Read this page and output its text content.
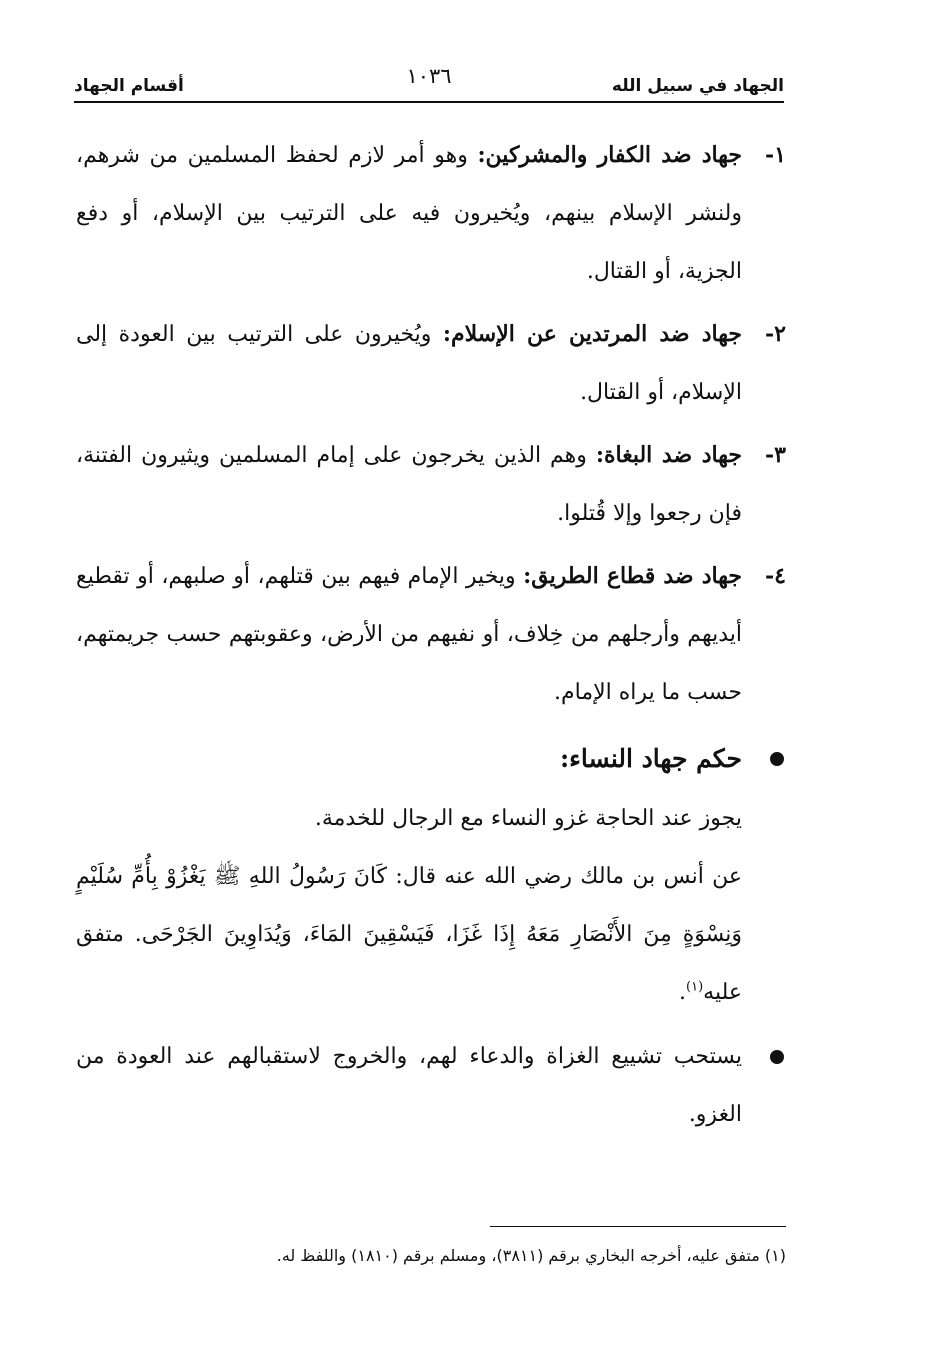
الجهاد في سبيل الله
١٠٣٦
أقسام الجهاد
١-
جهاد ضد الكفار والمشركين: وهو أمر لازم لحفظ المسلمين من شرهم، ولنشر الإسلام بينهم، ويُخيرون فيه على الترتيب بين الإسلام، أو دفع الجزية، أو القتال.
٢-
جهاد ضد المرتدين عن الإسلام: ويُخيرون على الترتيب بين العودة إلى الإسلام، أو القتال.
٣-
جهاد ضد البغاة: وهم الذين يخرجون على إمام المسلمين ويثيرون الفتنة، فإن رجعوا وإلا قُتلوا.
٤-
جهاد ضد قطاع الطريق: ويخير الإمام فيهم بين قتلهم، أو صلبهم، أو تقطيع أيديهم وأرجلهم من خِلاف، أو نفيهم من الأرض، وعقوبتهم حسب جريمتهم، حسب ما يراه الإمام.
حكم جهاد النساء:
يجوز عند الحاجة غزو النساء مع الرجال للخدمة.
عن أنس بن مالك رضي الله عنه قال: كَانَ رَسُولُ اللهِ ﷺ يَغْزُوْ بِأُمِّ سُلَيْمٍ وَنِسْوَةٍ مِنَ الأَنْصَارِ مَعَهُ إِذَا غَزَا، فَيَسْقِينَ المَاءَ، وَيُدَاوِينَ الجَرْحَى. متفق عليه$^{(١)}$.
يستحب تشييع الغزاة والدعاء لهم، والخروج لاستقبالهم عند العودة من الغزو.
(١) متفق عليه، أخرجه البخاري برقم (٣٨١١)، ومسلم برقم (١٨١٠) واللفظ له.
